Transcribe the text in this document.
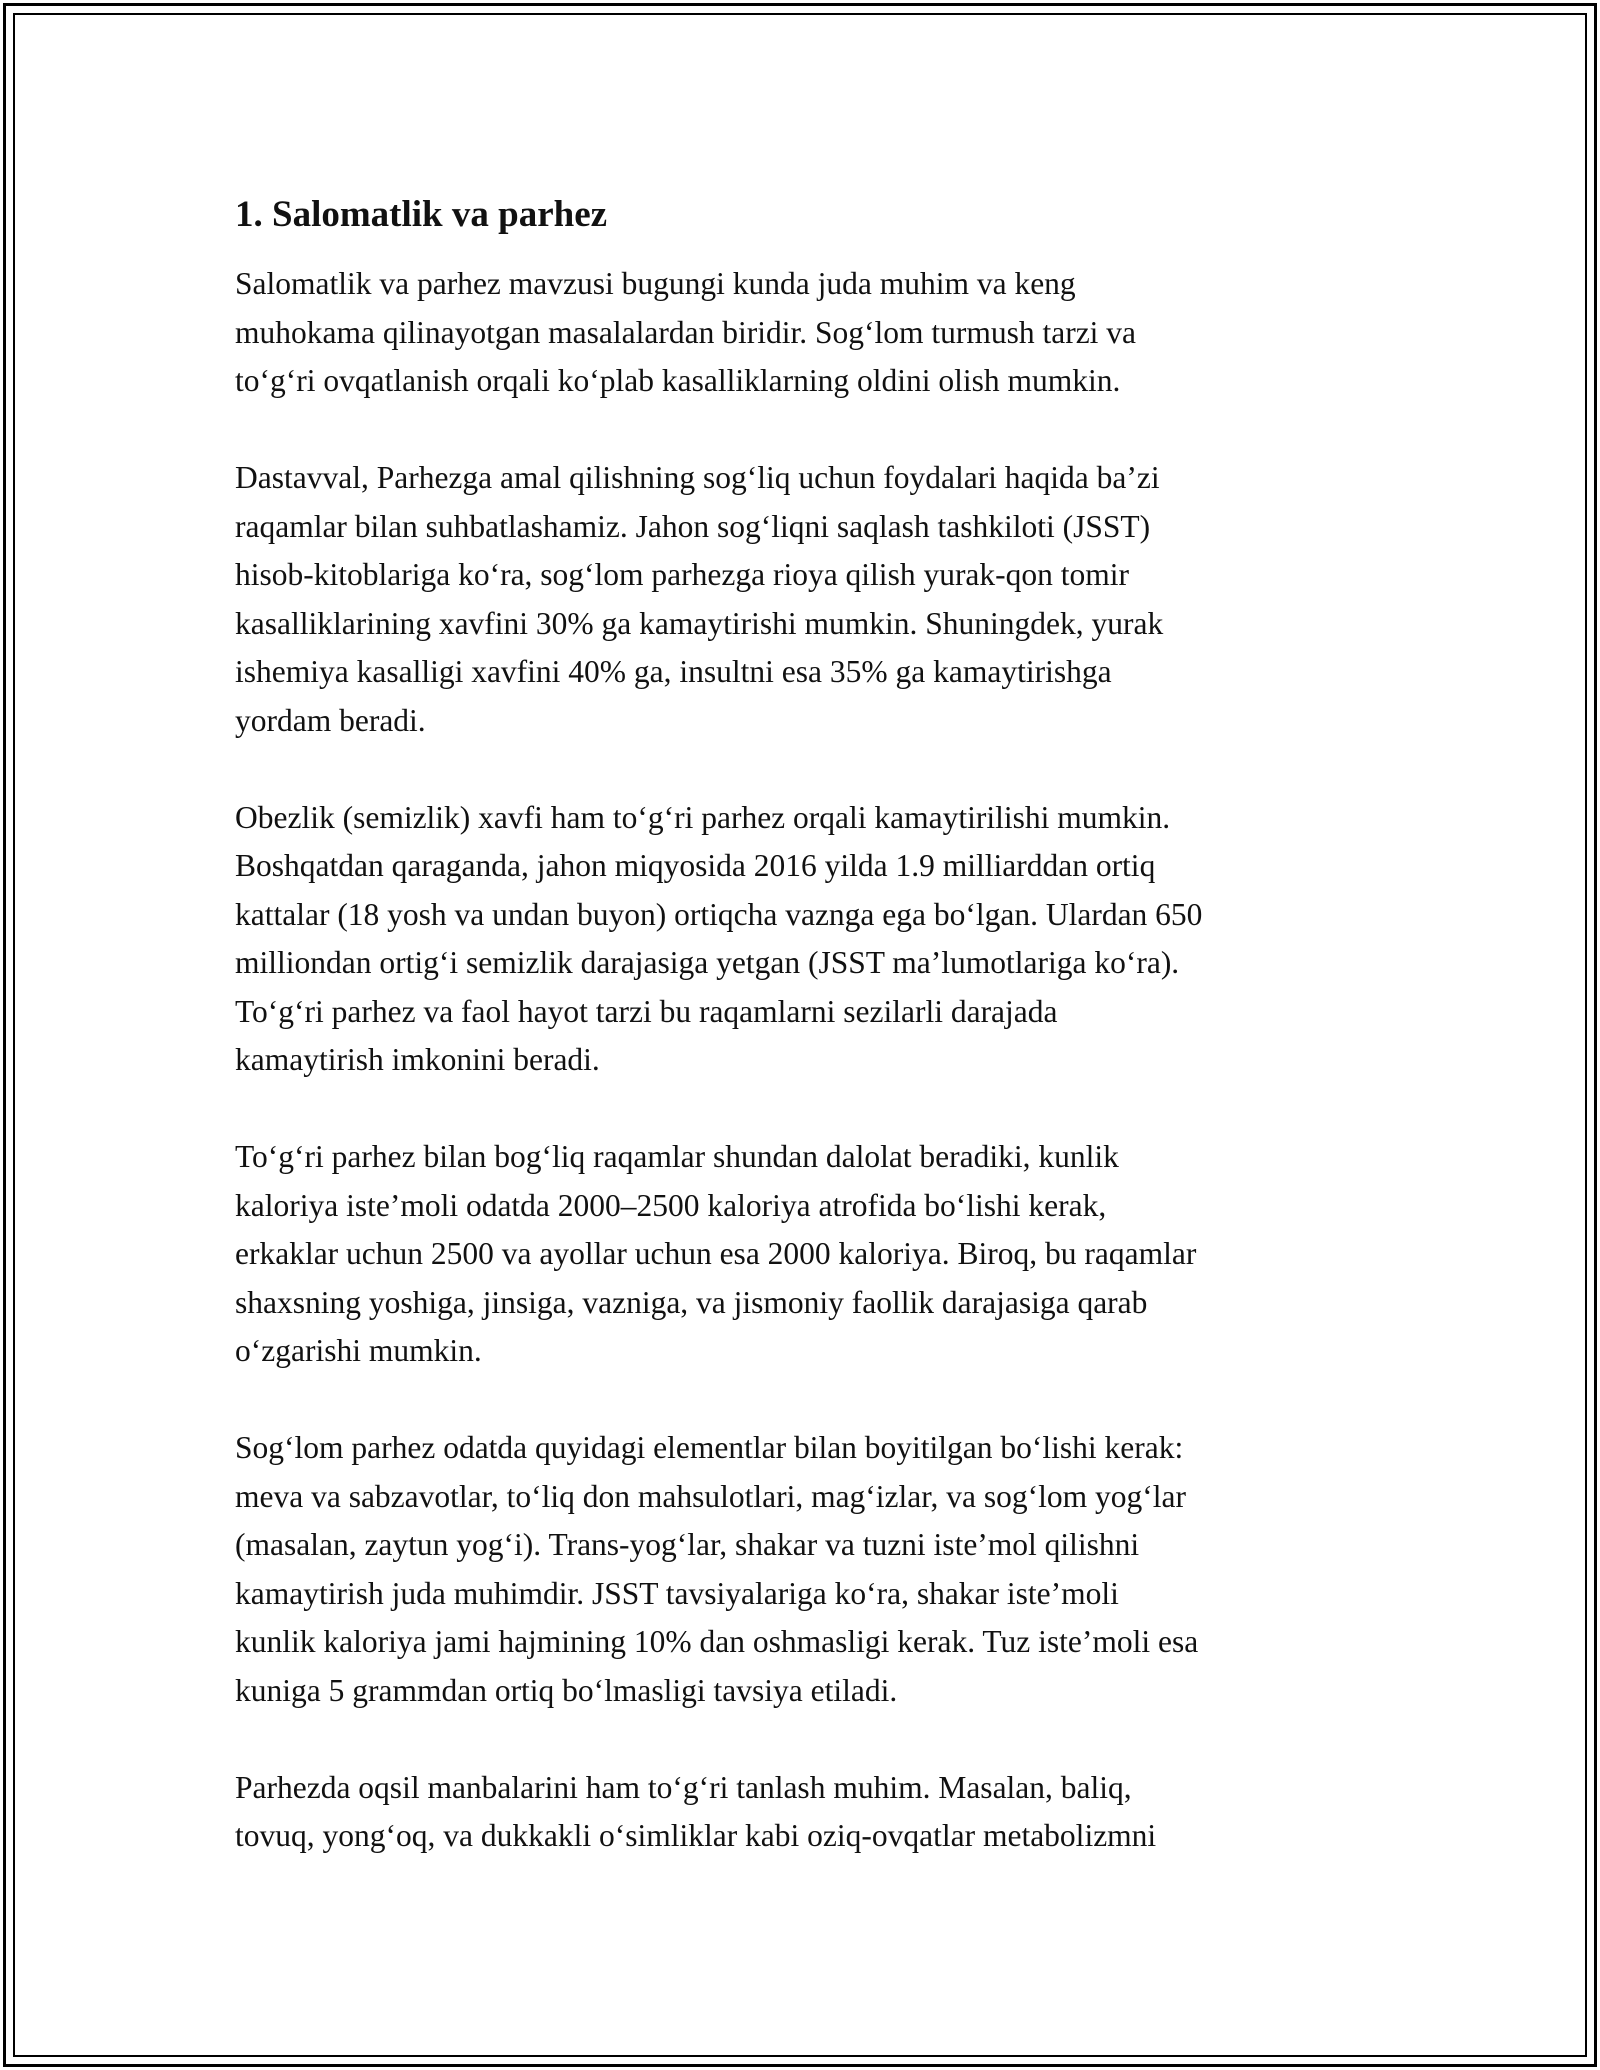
1. Salomatlik va parhez

Salomatlik va parhez mavzusi bugungi kunda juda muhim va keng
muhokama qilinayotgan masalalardan biridir. Sog‘lom turmush tarzi va
to‘g‘ri ovqatlanish orqali ko‘plab kasalliklarning oldini olish mumkin.

Dastavval, Parhezga amal qilishning sog‘liq uchun foydalari haqida ba’zi
raqamlar bilan suhbatlashamiz. Jahon sog‘liqni saqlash tashkiloti (JSST)
hisob-kitoblariga ko‘ra, sog‘lom parhezga rioya qilish yurak-qon tomir
kasalliklarining xavfini 30% ga kamaytirishi mumkin. Shuningdek, yurak
ishemiya kasalligi xavfini 40% ga, insultni esa 35% ga kamaytirishga
yordam beradi.

Obezlik (semizlik) xavfi ham to‘g‘ri parhez orqali kamaytirilishi mumkin.
Boshqatdan qaraganda, jahon miqyosida 2016 yilda 1.9 milliarddan ortiq
kattalar (18 yosh va undan buyon) ortiqcha vaznga ega bo‘lgan. Ulardan 650
milliondan ortig‘i semizlik darajasiga yetgan (JSST ma’lumotlariga ko‘ra).
To‘g‘ri parhez va faol hayot tarzi bu raqamlarni sezilarli darajada
kamaytirish imkonini beradi.

To‘g‘ri parhez bilan bog‘liq raqamlar shundan dalolat beradiki, kunlik
kaloriya iste’moli odatda 2000–2500 kaloriya atrofida bo‘lishi kerak,
erkaklar uchun 2500 va ayollar uchun esa 2000 kaloriya. Biroq, bu raqamlar
shaxsning yoshiga, jinsiga, vazniga, va jismoniy faollik darajasiga qarab
o‘zgarishi mumkin.

Sog‘lom parhez odatda quyidagi elementlar bilan boyitilgan bo‘lishi kerak:
meva va sabzavotlar, to‘liq don mahsulotlari, mag‘izlar, va sog‘lom yog‘lar
(masalan, zaytun yog‘i). Trans-yog‘lar, shakar va tuzni iste’mol qilishni
kamaytirish juda muhimdir. JSST tavsiyalariga ko‘ra, shakar iste’moli
kunlik kaloriya jami hajmining 10% dan oshmasligi kerak. Tuz iste’moli esa
kuniga 5 grammdan ortiq bo‘lmasligi tavsiya etiladi.

Parhezda oqsil manbalarini ham to‘g‘ri tanlash muhim. Masalan, baliq,
tovuq, yong‘oq, va dukkakli o‘simliklar kabi oziq-ovqatlar metabolizmni
